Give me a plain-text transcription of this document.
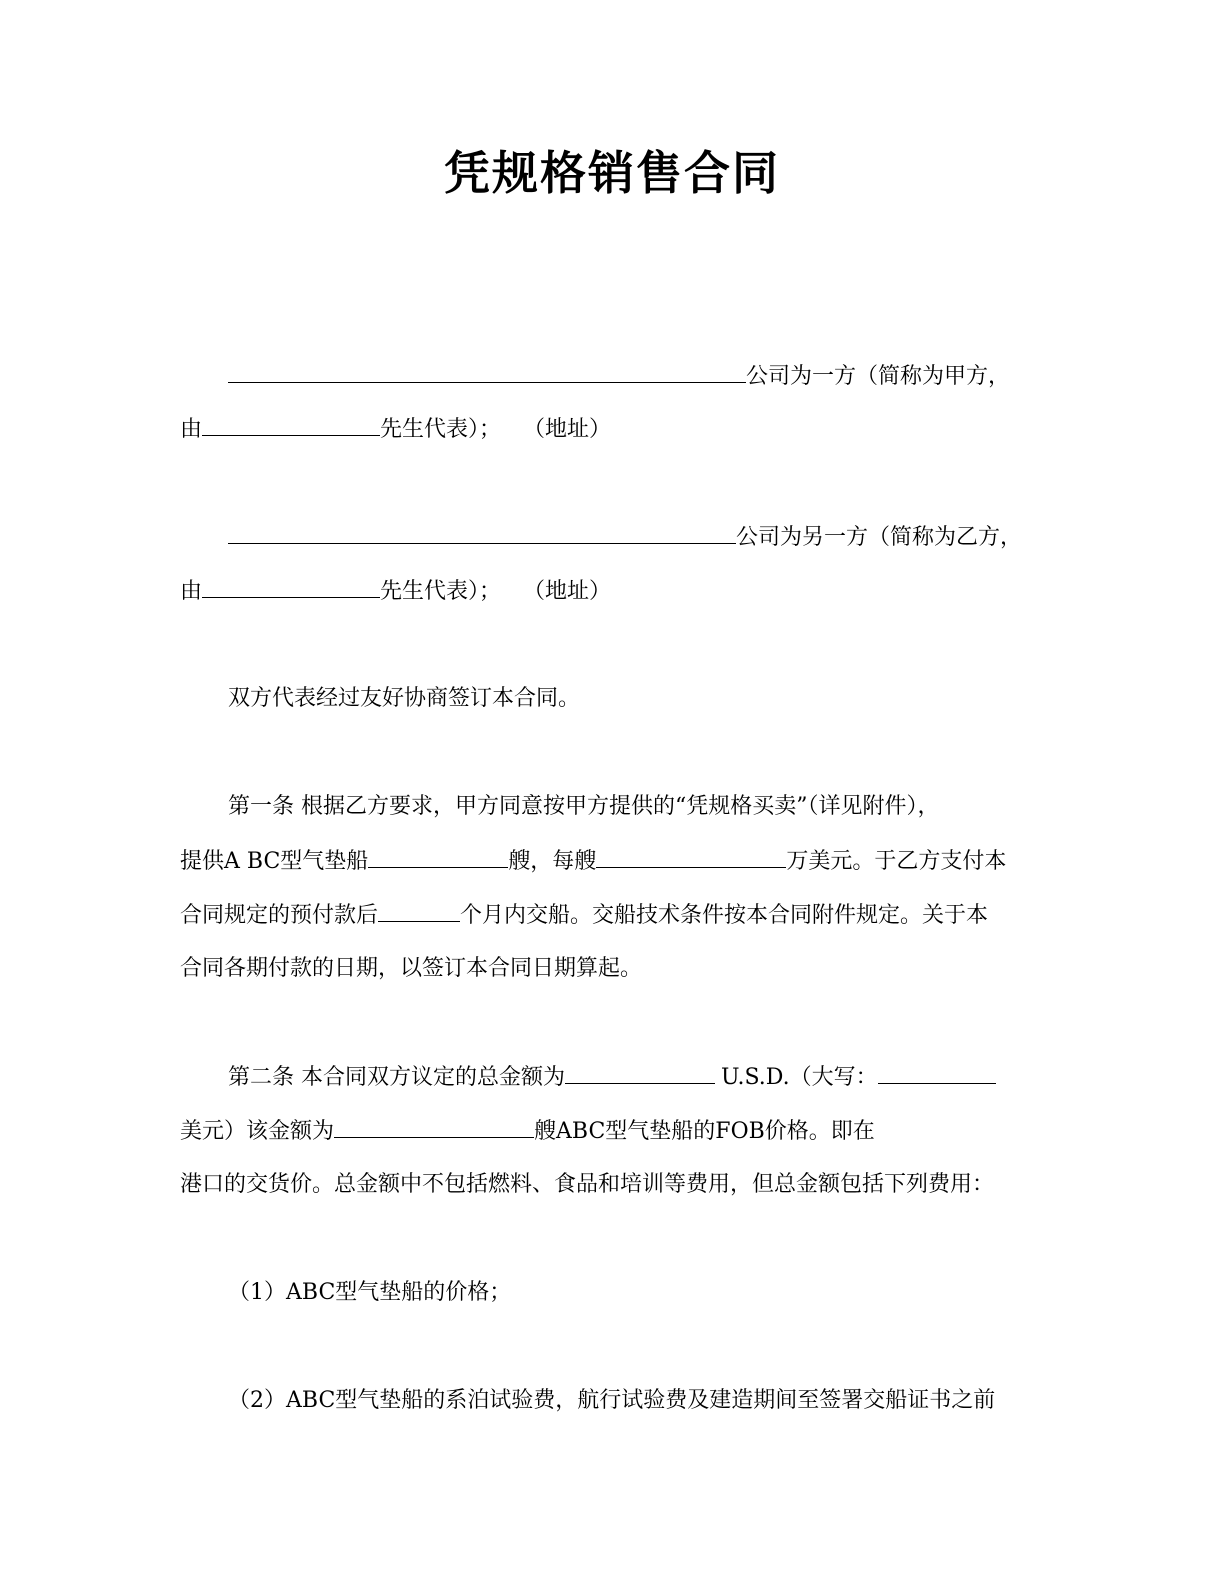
凭规格销售合同
公司为一方（简称为甲方，
由	先生代表）； （地址）
公司为另一方（简称为乙方，
由	先生代表）； （地址）
双方代表经过友好协商签订本合同。
第一条 根据乙方要求，甲方同意按甲方提供的“凭规格买卖”（详见附件），
提供A BC型气垫船	艘，每艘	万美元。于乙方支付本
合同规定的预付款后	个月内交船。交船技术条件按本合同附件规定。关于本
合同各期付款的日期，以签订本合同日期算起。
第二条 本合同双方议定的总金额为	U.S.D.（大写：
美元）该金额为	艘ABC型气垫船的FOB价格。即在
港口的交货价。总金额中不包括燃料、食品和培训等费用，但总金额包括下列费用：
（1）ABC型气垫船的价格；
（2）ABC型气垫船的系泊试验费，航行试验费及建造期间至签署交船证书之前
